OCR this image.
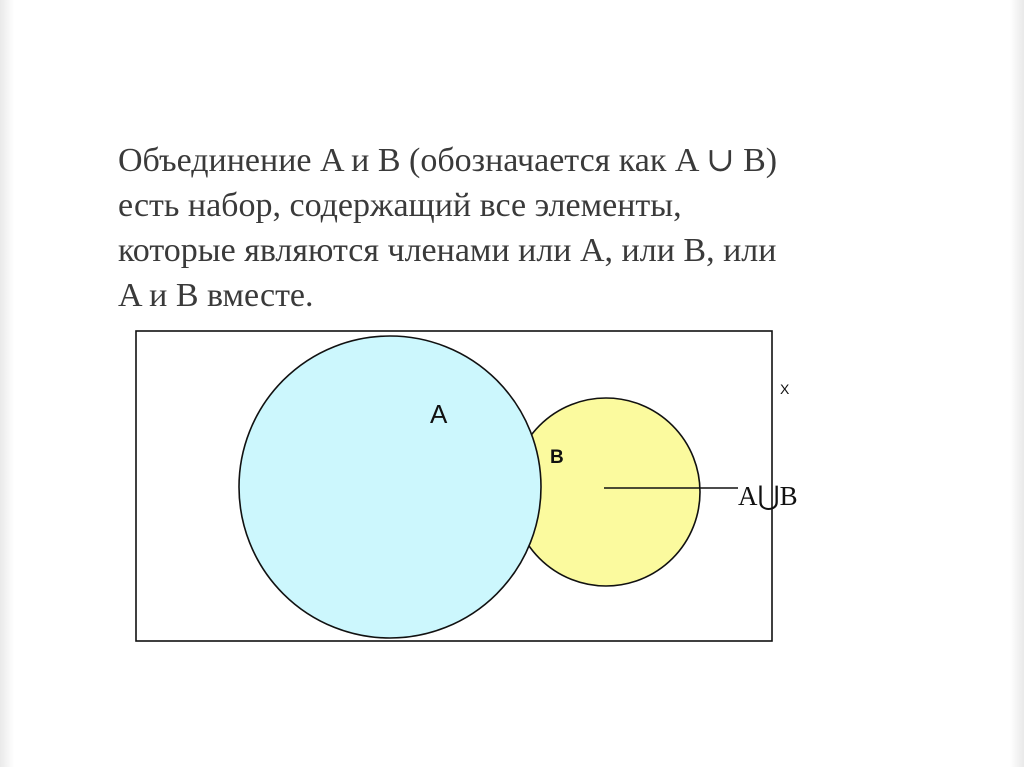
Объединение A и B (обозначается как A ∪ B)
есть набор, содержащий все элементы,
которые являются членами или A, или B, или
A и B вместе.
X
A
B
A⋃B
